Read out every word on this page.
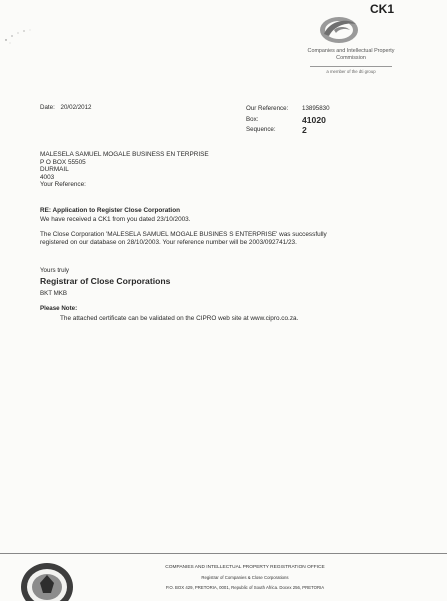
CK1
Companies and Intellectual Property Commission
a member of the dti group
Date: 20/02/2012	Our Reference:
Box:
Sequence:
13895830
41020
2
MALESELA SAMUEL MOGALE BUSINESS EN TERPRISE
P O BOX 55505
DURMAIL
4003
Your Reference:
RE: Application to Register Close Corporation
We have received a CK1 from you dated 23/10/2003.
The Close Corporation 'MALESELA SAMUEL MOGALE BUSINES S ENTERPRISE' was successfully
registered on our database on 28/10/2003. Your reference number will be 2003/092741/23.
Yours truly
Registrar of Close Corporations
BKT MKB
Please Note:
The attached certificate can be validated on the CIPRO web site at www.cipro.co.za.
COMPANIES AND INTELLECTUAL PROPERTY REGISTRATION OFFICE
Registrar of Companies & Close Corporations
P.O. BOX 429, PRETORIA, 0001, Republic of South Africa. Docex 256, PRETORIA
